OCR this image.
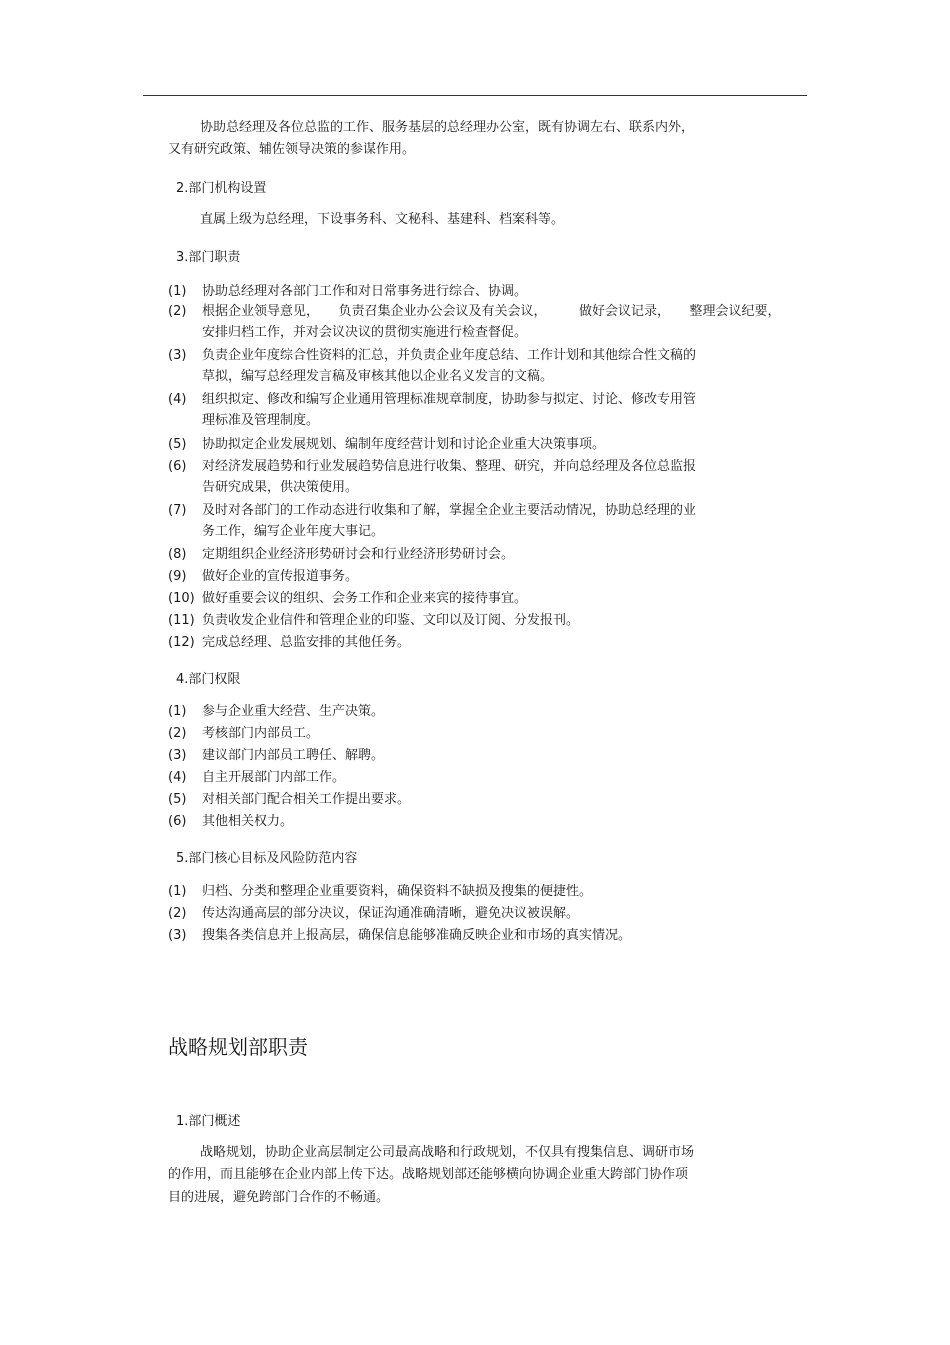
协助总经理及各位总监的工作、服务基层的总经理办公室，既有协调左右、联系内外，
又有研究政策、辅佐领导决策的参谋作用。
2.部门机构设置
直属上级为总经理，下设事务科、文秘科、基建科、档案科等。
3.部门职责
(1)	协助总经理对各部门工作和对日常事务进行综合、协调。
(2)	根据企业领导意见，　　负责召集企业办公会议及有关会议，　　　做好会议记录，　　整理会议纪要，
安排归档工作，并对会议决议的贯彻实施进行检查督促。
(3)	负责企业年度综合性资料的汇总，并负责企业年度总结、工作计划和其他综合性文稿的
草拟，编写总经理发言稿及审核其他以企业名义发言的文稿。
(4)	组织拟定、修改和编写企业通用管理标准规章制度，协助参与拟定、讨论、修改专用管
理标准及管理制度。
(5)	协助拟定企业发展规划、编制年度经营计划和讨论企业重大决策事项。
(6)	对经济发展趋势和行业发展趋势信息进行收集、整理、研究，并向总经理及各位总监报
告研究成果，供决策使用。
(7)	及时对各部门的工作动态进行收集和了解，掌握全企业主要活动情况，协助总经理的业
务工作，编写企业年度大事记。
(8)	定期组织企业经济形势研讨会和行业经济形势研讨会。
(9)	做好企业的宣传报道事务。
(10) 做好重要会议的组织、会务工作和企业来宾的接待事宜。
(11) 负责收发企业信件和管理企业的印鉴、文印以及订阅、分发报刊。
(12) 完成总经理、总监安排的其他任务。
4.部门权限
(1)	参与企业重大经营、生产决策。
(2)	考核部门内部员工。
(3)	建议部门内部员工聘任、解聘。
(4)	自主开展部门内部工作。
(5)	对相关部门配合相关工作提出要求。
(6)	其他相关权力。
5.部门核心目标及风险防范内容
(1)	归档、分类和整理企业重要资料，确保资料不缺损及搜集的便捷性。
(2)	传达沟通高层的部分决议，保证沟通准确清晰，避免决议被误解。
(3)	搜集各类信息并上报高层，确保信息能够准确反映企业和市场的真实情况。
战略规划部职责
1.部门概述
战略规划，协助企业高层制定公司最高战略和行政规划，不仅具有搜集信息、调研市场
的作用，而且能够在企业内部上传下达。战略规划部还能够横向协调企业重大跨部门协作项
目的进展，避免跨部门合作的不畅通。
